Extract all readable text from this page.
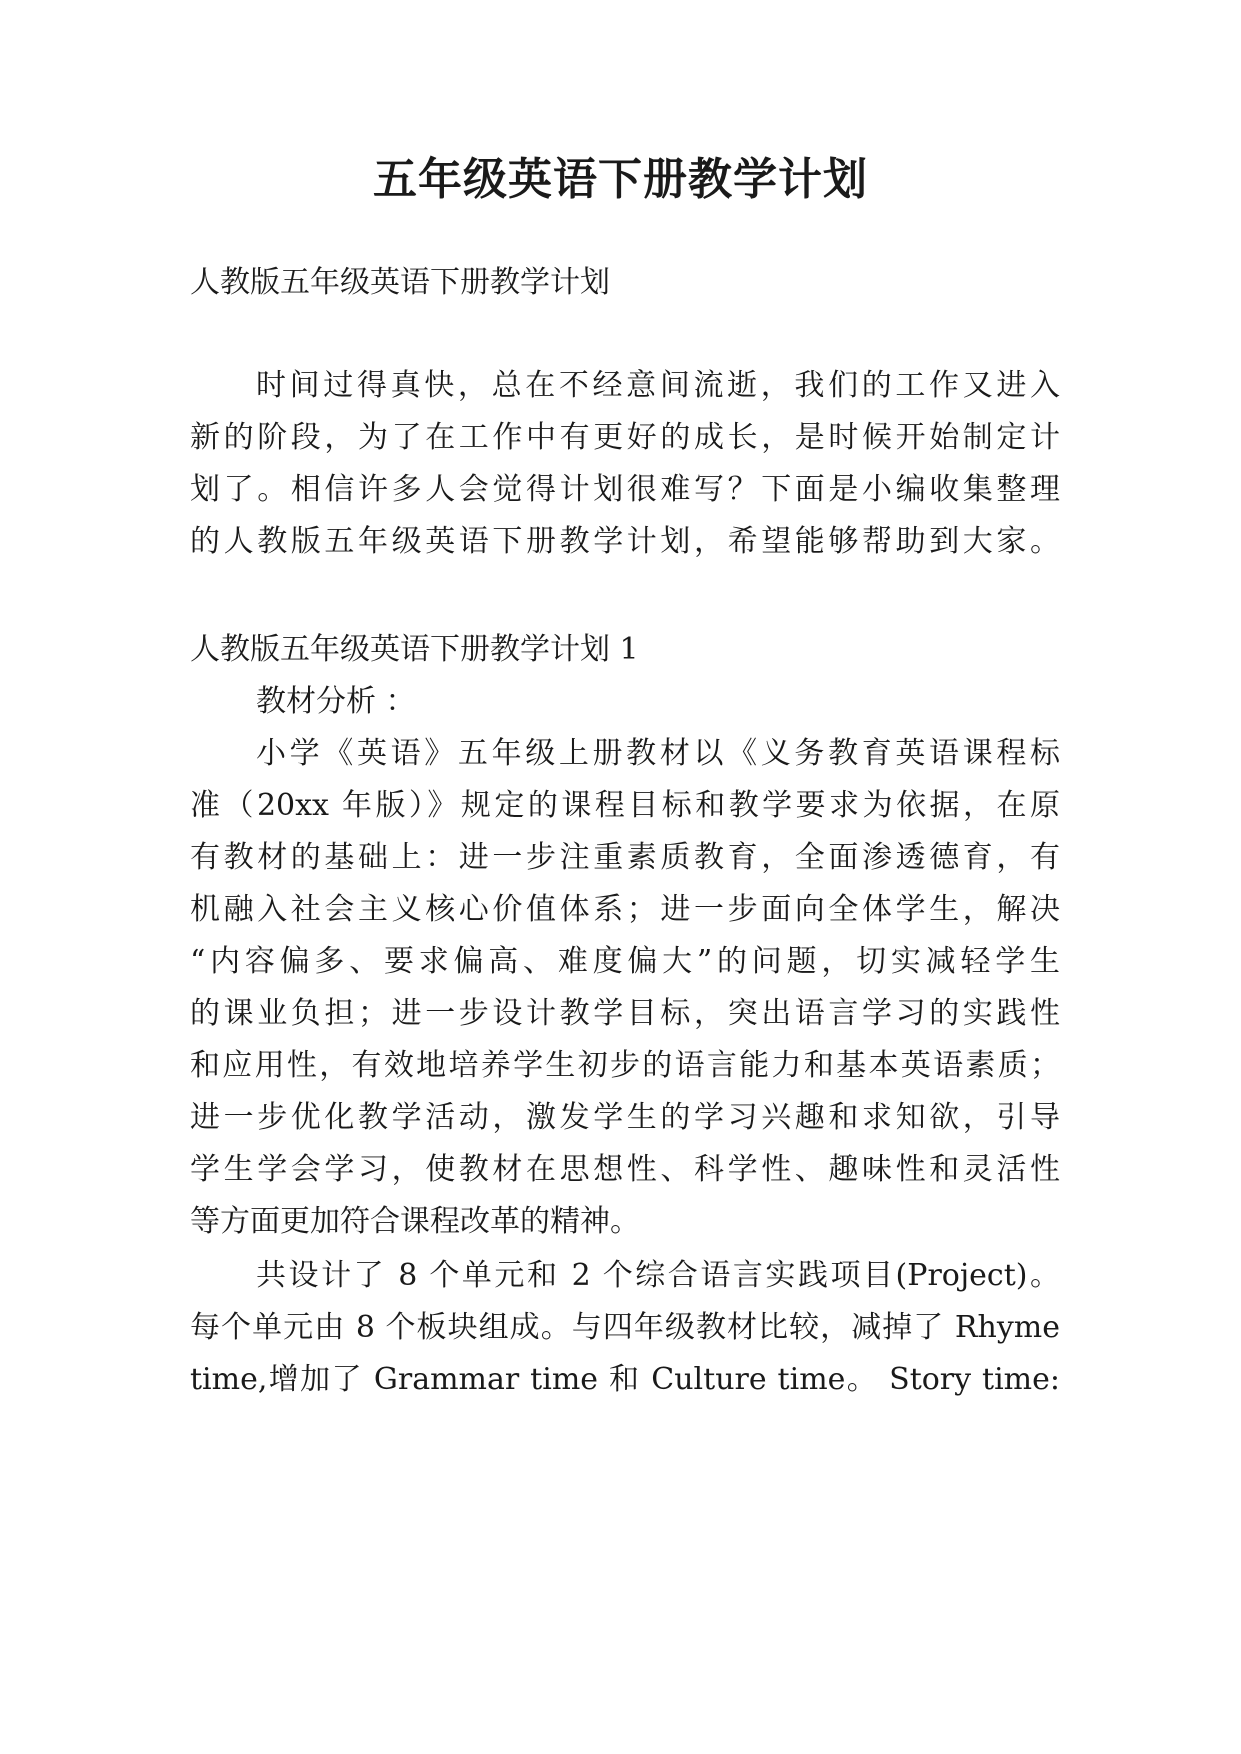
五年级英语下册教学计划
人教版五年级英语下册教学计划
时间过得真快，总在不经意间流逝，我们的工作又进入
新的阶段，为了在工作中有更好的成长，是时候开始制定计
划了。相信许多人会觉得计划很难写？下面是小编收集整理
的人教版五年级英语下册教学计划，希望能够帮助到大家。
人教版五年级英语下册教学计划 1
教材分析 ：
小学《英语》五年级上册教材以《义务教育英语课程标
准（20xx 年版）》规定的课程目标和教学要求为依据，在原
有教材的基础上：进一步注重素质教育，全面渗透德育，有
机融入社会主义核心价值体系；进一步面向全体学生，解决
“内容偏多、要求偏高、难度偏大”的问题，切实减轻学生
的课业负担；进一步设计教学目标，突出语言学习的实践性
和应用性，有效地培养学生初步的语言能力和基本英语素质；
进一步优化教学活动，激发学生的学习兴趣和求知欲，引导
学生学会学习，使教材在思想性、科学性、趣味性和灵活性
等方面更加符合课程改革的精神。
共设计了 8 个单元和 2 个综合语言实践项目(Project)。
每个单元由 8 个板块组成。与四年级教材比较，减掉了 Rhyme
time,增加了 Grammar time 和 Culture time。 Story time:
